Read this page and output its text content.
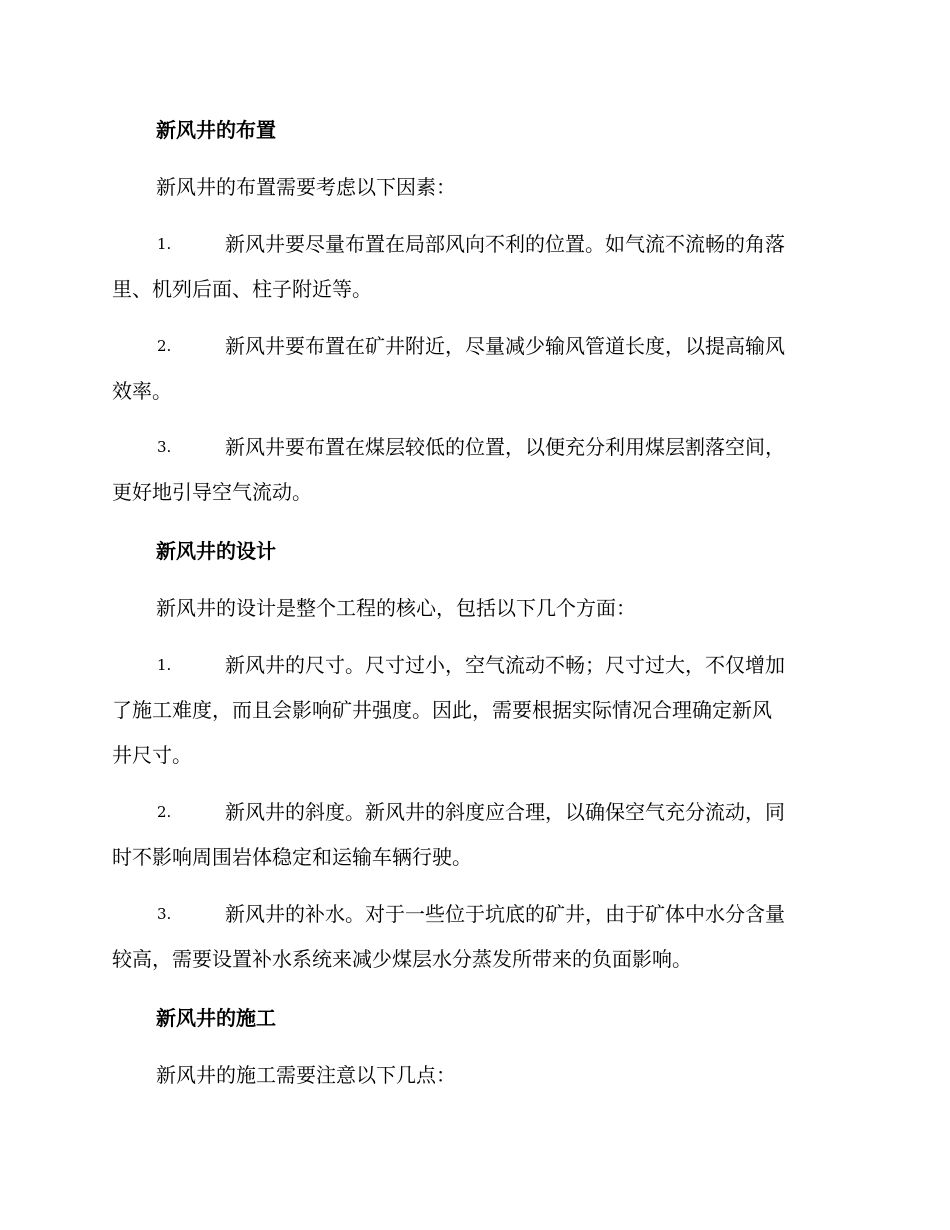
新风井的布置

新风井的布置需要考虑以下因素：

1.	新风井要尽量布置在局部风向不利的位置。如气流不流畅的角落
里、机列后面、柱子附近等。
2.	新风井要布置在矿井附近，尽量减少输风管道长度，以提高输风
效率。
3.	新风井要布置在煤层较低的位置，以便充分利用煤层割落空间，
更好地引导空气流动。
新风井的设计

新风井的设计是整个工程的核心，包括以下几个方面：

1.	新风井的尺寸。尺寸过小，空气流动不畅；尺寸过大，不仅增加
了施工难度，而且会影响矿井强度。因此，需要根据实际情况合理确定新风
井尺寸。
2.	新风井的斜度。新风井的斜度应合理，以确保空气充分流动，同
时不影响周围岩体稳定和运输车辆行驶。
3.	新风井的补水。对于一些位于坑底的矿井，由于矿体中水分含量
较高，需要设置补水系统来减少煤层水分蒸发所带来的负面影响。
新风井的施工

新风井的施工需要注意以下几点：
